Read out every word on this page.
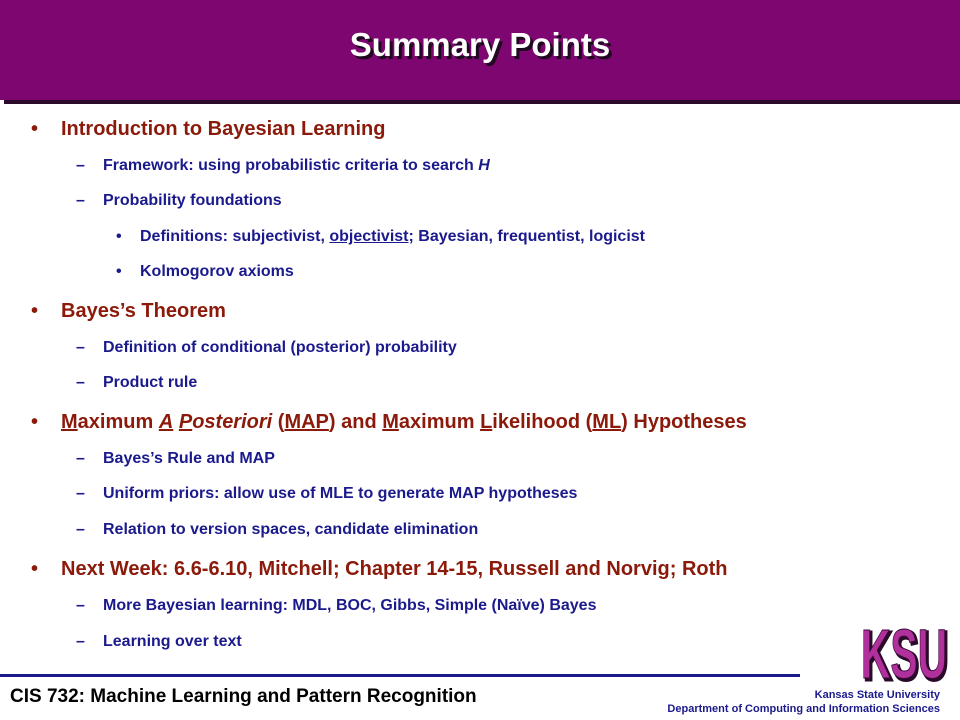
Summary Points
• Introduction to Bayesian Learning
– Framework: using probabilistic criteria to search H
– Probability foundations
• Definitions: subjectivist, objectivist; Bayesian, frequentist, logicist
• Kolmogorov axioms
• Bayes’s Theorem
– Definition of conditional (posterior) probability
– Product rule
• Maximum A Posteriori (MAP) and Maximum Likelihood (ML) Hypotheses
– Bayes’s Rule and MAP
– Uniform priors: allow use of MLE to generate MAP hypotheses
– Relation to version spaces, candidate elimination
• Next Week: 6.6-6.10, Mitchell; Chapter 14-15, Russell and Norvig; Roth
– More Bayesian learning: MDL, BOC, Gibbs, Simple (Naïve) Bayes
– Learning over text	KSU
KSU
CIS 732: Machine Learning and Pattern Recognition	Kansas State University
Department of Computing and Information Sciences
